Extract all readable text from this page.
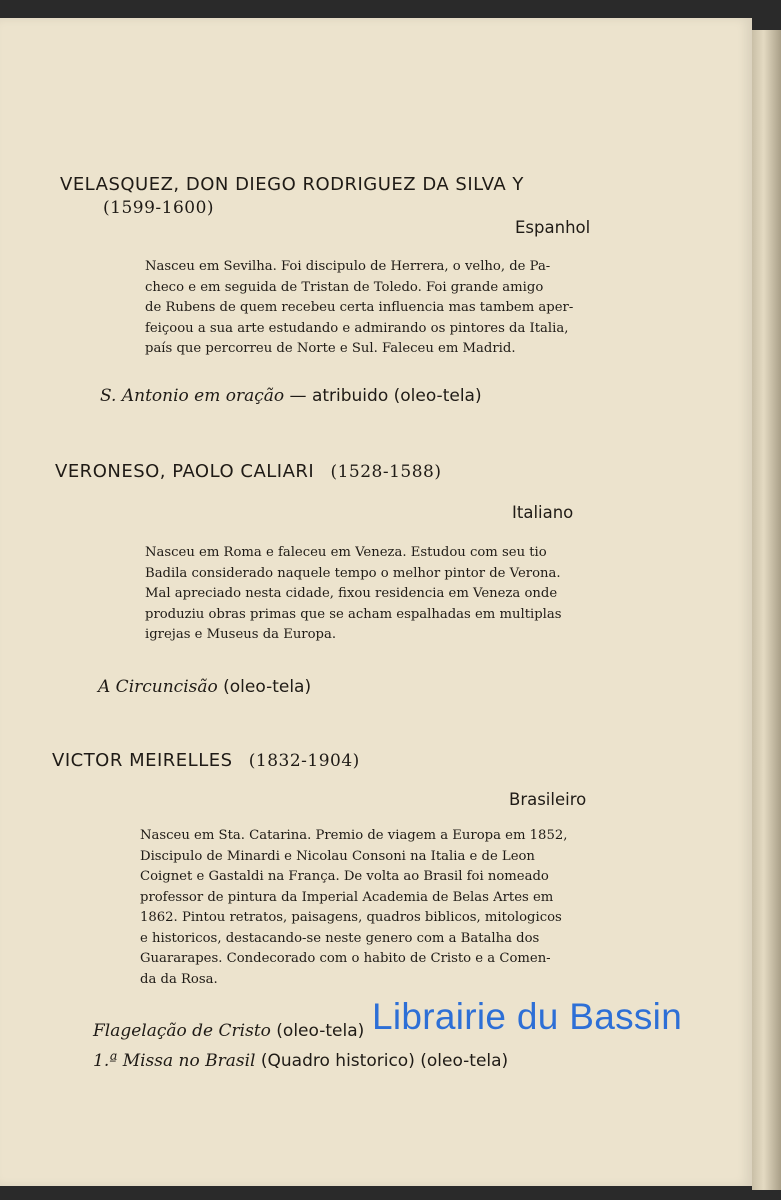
VELASQUEZ, DON DIEGO RODRIGUEZ DA SILVA Y
(1599-1600)
Espanhol
Nasceu em Sevilha. Foi discipulo de Herrera, o velho, de Pa-
checo e em seguida de Tristan de Toledo. Foi grande amigo
de Rubens de quem recebeu certa influencia mas tambem aper-
feiçoou a sua arte estudando e admirando os pintores da Italia,
país que percorreu de Norte e Sul. Faleceu em Madrid.
S. Antonio em oração — atribuido (oleo-tela)
VERONESO, PAOLO CALIARI (1528-1588)
Italiano
Nasceu em Roma e faleceu em Veneza. Estudou com seu tio
Badila considerado naquele tempo o melhor pintor de Verona.
Mal apreciado nesta cidade, fixou residencia em Veneza onde
produziu obras primas que se acham espalhadas em multiplas
igrejas e Museus da Europa.
A Circuncisão (oleo-tela)
VICTOR MEIRELLES (1832-1904)
Brasileiro
Nasceu em Sta. Catarina. Premio de viagem a Europa em 1852,
Discipulo de Minardi e Nicolau Consoni na Italia e de Leon
Coignet e Gastaldi na França. De volta ao Brasil foi nomeado
professor de pintura da Imperial Academia de Belas Artes em
1862. Pintou retratos, paisagens, quadros biblicos, mitologicos
e historicos, destacando-se neste genero com a Batalha dos
Guararapes. Condecorado com o habito de Cristo e a Comen-
da da Rosa.
Flagelação de Cristo (oleo-tela)
1.ª Missa no Brasil (Quadro historico) (oleo-tela)
Librairie du Bassin
